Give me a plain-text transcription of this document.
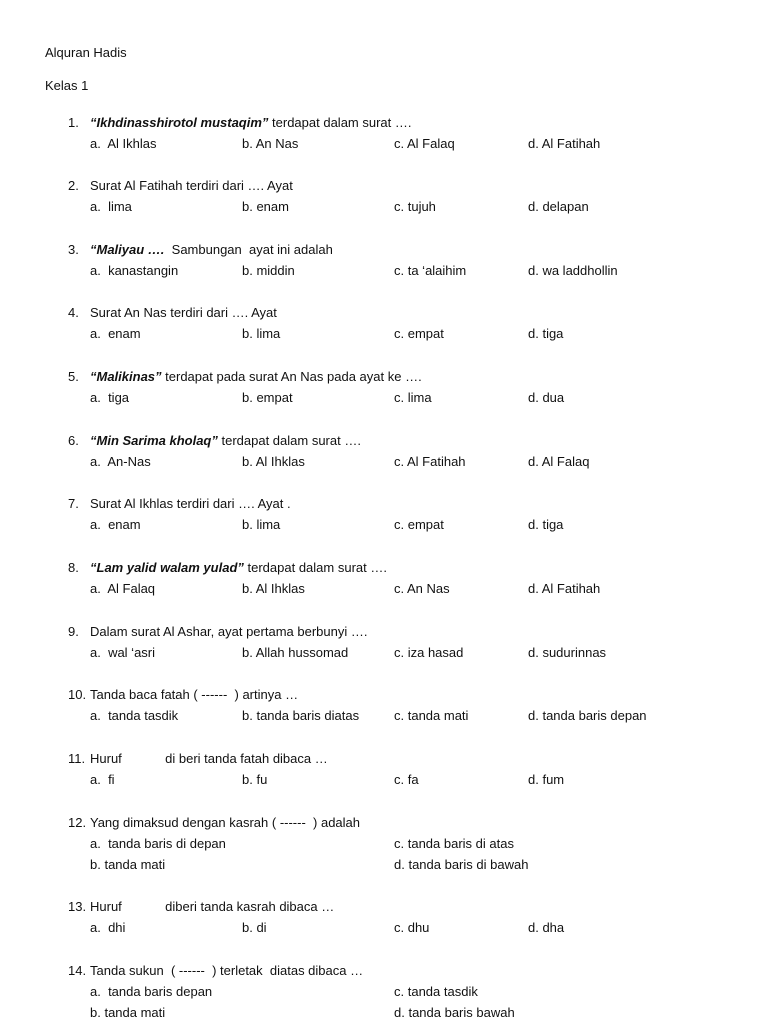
Alquran Hadis
Kelas 1
1. “Ikhdinasshirotol mustaqim” terdapat dalam surat ….
a.  Al Ikhlas	b. An Nas	c. Al Falaq	d. Al Fatihah
2. Surat Al Fatihah terdiri dari …. Ayat
a.  lima	b. enam	c. tujuh	d. delapan
3. “Maliyau ….  Sambungan  ayat ini adalah
a.  kanastangin	b. middin	c. ta ‘alaihim	d. wa laddhollin
4. Surat An Nas terdiri dari …. Ayat
a.  enam	b. lima	c. empat	d. tiga
5. “Malikinas” terdapat pada surat An Nas pada ayat ke ….
a.  tiga	b. empat	c. lima	d. dua
6. “Min Sarima kholaq” terdapat dalam surat ….
a.  An-Nas	b. Al Ihklas	c. Al Fatihah	d. Al Falaq
7. Surat Al Ikhlas terdiri dari …. Ayat .
a.  enam	b. lima	c. empat	d. tiga
8. “Lam yalid walam yulad” terdapat dalam surat ….
a.  Al Falaq	b. Al Ihklas	c. An Nas	d. Al Fatihah
9. Dalam surat Al Ashar, ayat pertama berbunyi ….
a.  wal ‘asri	b. Allah hussomad	c. iza hasad	d. sudurinnas
10. Tanda baca fatah ( ------  ) artinya …
a.  tanda tasdik	b. tanda baris diatas	c. tanda mati	d. tanda baris depan
11. Huruf            di beri tanda fatah dibaca …
a.  fi	b. fu	c. fa	d. fum
12. Yang dimaksud dengan kasrah ( ------  ) adalah
a.  tanda baris di depan	c. tanda baris di atas
b. tanda mati	d. tanda baris di bawah
13. Huruf            diberi tanda kasrah dibaca …
a.  dhi	b. di	c. dhu	d. dha
14. Tanda sukun  ( ------  ) terletak  diatas dibaca …
a.  tanda baris depan	c. tanda tasdik
b. tanda mati	d. tanda baris bawah
